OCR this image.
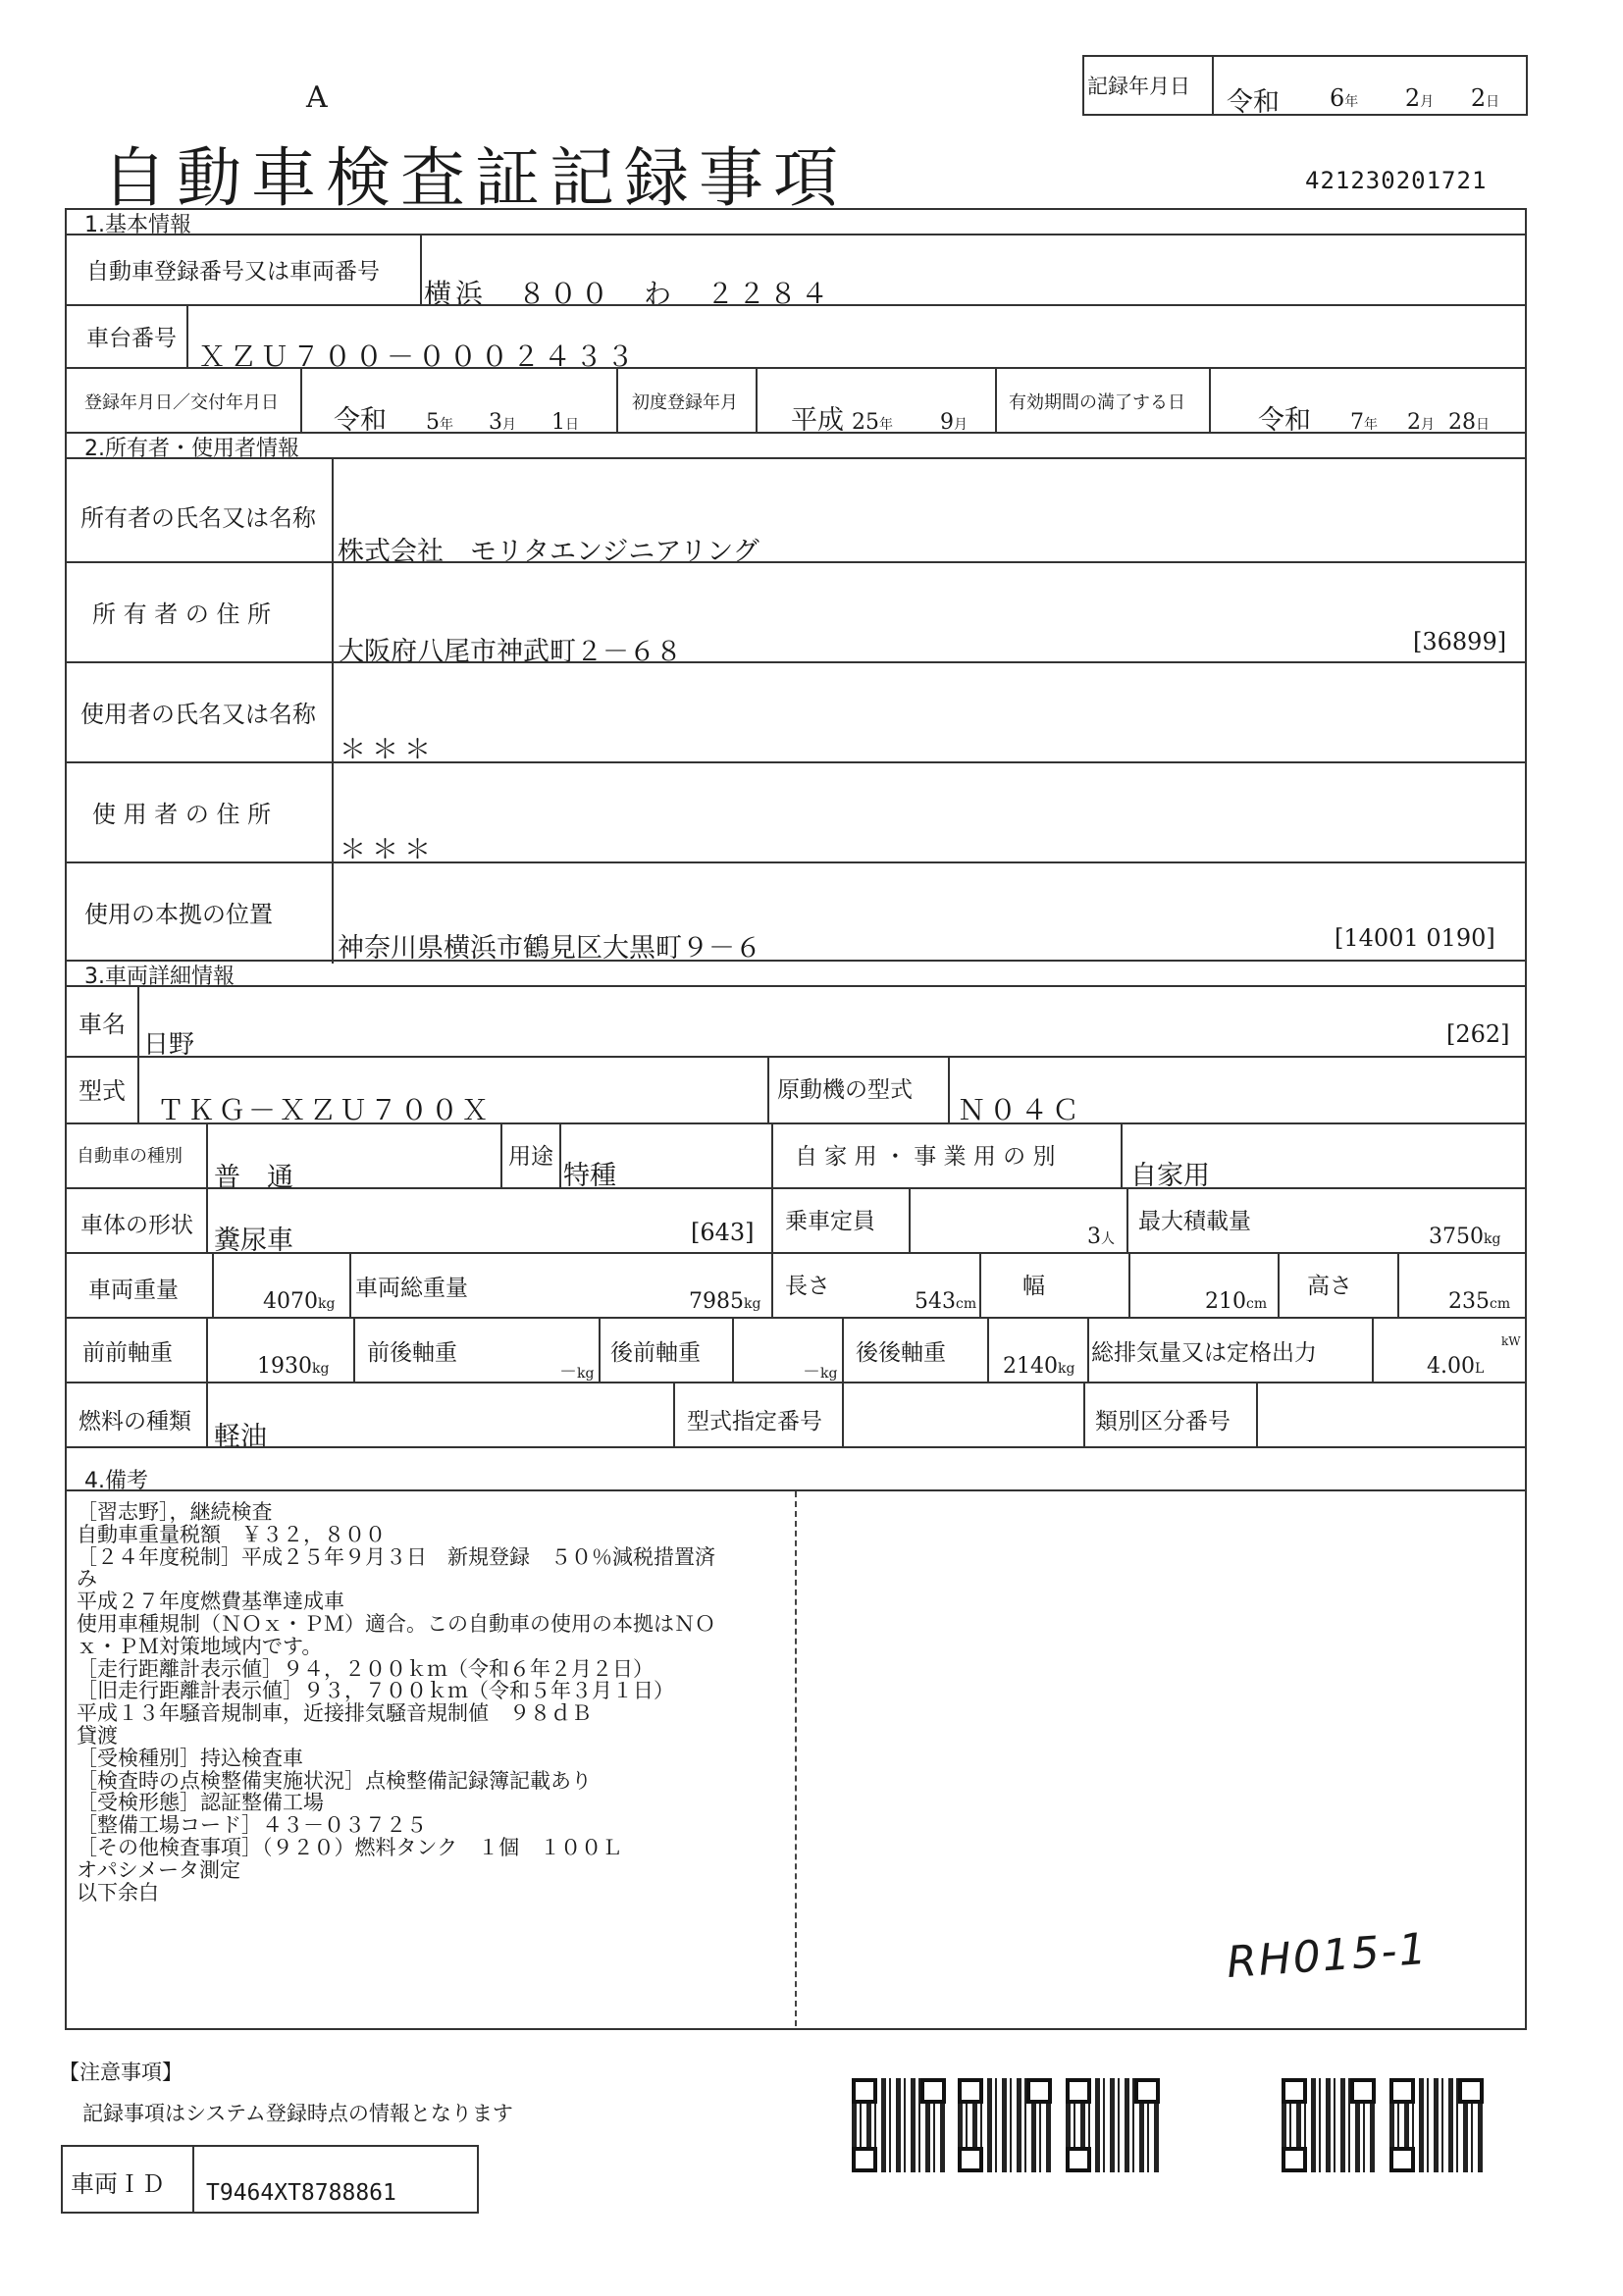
A	記録年月日
令和 6年 2月 2日
自動車検査証記録事項	421230201721
1.基本情報
自動車登録番号又は車両番号
横浜　８００　わ　２２８４
車台番号
ＸＺＵ７００－０００２４３３
登録年月日／交付年月日
令和 5年 3月 1日
初度登録年月
平成 25年 9月
有効期間の満了する日
令和 7年 2月 28日
2.所有者・使用者情報
所有者の氏名又は名称
株式会社　モリタエンジニアリング
所 有 者 の 住 所
大阪府八尾市神武町２－６８	[36899]
使用者の氏名又は名称
＊＊＊
使 用 者 の 住 所
＊＊＊
使用の本拠の位置
神奈川県横浜市鶴見区大黒町９－６	[14001 0190]
3.車両詳細情報
車名
日野	[262]
型式
ＴＫＧ－ＸＺＵ７００Ｘ
原動機の型式
Ｎ０４Ｃ
自動車の種別
普　通
用途
特種
自 家 用 ・ 事 業 用 の 別
自家用
車体の形状 糞尿車	[643] 乗車定員
3人
最大積載量
3750kg
車両重量	4070kg
車両総重量
7985kg
長さ
543cm
幅
210cm
高さ
235cm
前前軸重
1930kg
前後軸重
－kg
後前軸重
－kg
後後軸重
2140kg
総排気量又は定格出力
4.00L
kW
燃料の種類 軽油	型式指定番号	類別区分番号
4.備考
［習志野］，継続検査
自動車重量税額　￥３２，８００
［２４年度税制］平成２５年９月３日　新規登録　５０％減税措置済
み
平成２７年度燃費基準達成車
使用車種規制（ＮＯｘ・ＰＭ）適合。この自動車の使用の本拠はＮＯ
ｘ・ＰＭ対策地域内です。
［走行距離計表示値］９４，２００ｋｍ（令和６年２月２日）
［旧走行距離計表示値］９３，７００ｋｍ（令和５年３月１日）
平成１３年騒音規制車，近接排気騒音規制値　９８ｄＢ
貸渡
［受検種別］持込検査車
［検査時の点検整備実施状況］点検整備記録簿記載あり
［受検形態］認証整備工場
［整備工場コード］４３－０３７２５
［その他検査事項］（９２０）燃料タンク　１個　１００Ｌ
オパシメータ測定
以下余白
RH015-1
【注意事項】
記録事項はシステム登録時点の情報となります
車両ＩＤ T9464XT8788861
